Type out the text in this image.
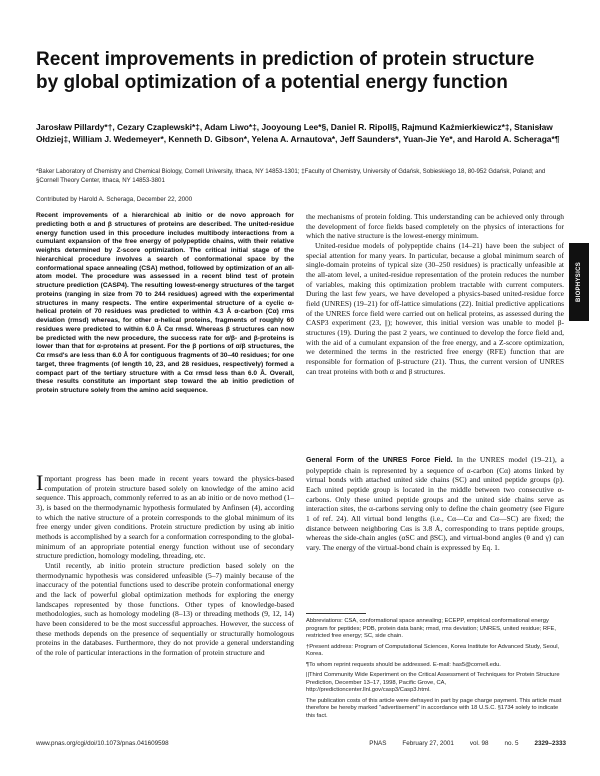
Recent improvements in prediction of protein structure by global optimization of a potential energy function
Jarosław Pillardy*†, Cezary Czaplewski*‡, Adam Liwo*‡, Jooyoung Lee*§, Daniel R. Ripoll§, Rajmund Kaźmierkiewicz*‡, Stanisław Ołdziej‡, William J. Wedemeyer*, Kenneth D. Gibson*, Yelena A. Arnautova*, Jeff Saunders*, Yuan-Jie Ye*, and Harold A. Scheraga*¶
*Baker Laboratory of Chemistry and Chemical Biology, Cornell University, Ithaca, NY 14853-1301; ‡Faculty of Chemistry, University of Gdańsk, Sobieskiego 18, 80-952 Gdańsk, Poland; and §Cornell Theory Center, Ithaca, NY 14853-3801
Contributed by Harold A. Scheraga, December 22, 2000

Recent improvements of a hierarchical ab initio or de novo approach for predicting both α and β structures of proteins are described. The united-residue energy function used in this procedure includes multibody interactions from a cumulant expansion of the free energy of polypeptide chains, with their relative weights determined by Z-score optimization. The critical initial stage of the hierarchical procedure involves a search of conformational space by the conformational space annealing (CSA) method, followed by optimization of an all-atom model. The procedure was assessed in a recent blind test of protein structure prediction (CASP4). The resulting lowest-energy structures of the target proteins (ranging in size from 70 to 244 residues) agreed with the experimental structures in many respects. The entire experimental structure of a cyclic α-helical protein of 70 residues was predicted to within 4.3 Å α-carbon (Cα) rms deviation (rmsd) whereas, for other α-helical proteins, fragments of roughly 60 residues were predicted to within 6.0 Å Cα rmsd. Whereas β structures can now be predicted with the new procedure, the success rate for α/β- and β-proteins is lower than that for α-proteins at present. For the β portions of α/β structures, the Cα rmsd's are less than 6.0 Å for contiguous fragments of 30–40 residues; for one target, three fragments (of length 10, 23, and 28 residues, respectively) formed a compact part of the tertiary structure with a Cα rmsd less than 6.0 Å. Overall, these results constitute an important step toward the ab initio prediction of protein structure solely from the amino acid sequence.

Important progress has been made in recent years toward the physics-based computation of protein structure based solely on knowledge of the amino acid sequence. This approach, commonly referred to as an ab initio or de novo method (1–3), is based on the thermodynamic hypothesis formulated by Anfinsen (4), according to which the native structure of a protein corresponds to the global minimum of its free energy under given conditions. Protein structure prediction by using ab initio methods is accomplished by a search for a conformation corresponding to the global-minimum of an appropriate potential energy function without use of secondary structure prediction, homology modeling, threading, etc.

Until recently, ab initio protein structure prediction based solely on the thermodynamic hypothesis was considered unfeasible (5–7) mainly because of the inaccuracy of the potential functions used to describe protein conformational energy and the lack of powerful global optimization methods for exploring the energy landscapes represented by those functions. Other types of knowledge-based methodologies, such as homology modeling (8–13) or threading methods (9, 12, 14) have been considered to be the most successful approaches. However, the success of these methods depends on the presence of sequentially or structurally homologous proteins in the databases. Furthermore, they do not provide a general understanding of the role of particular interactions in the formation of protein structure and

the mechanisms of protein folding. This understanding can be achieved only through the development of force fields based completely on the physics of interactions for which the native structure is the lowest-energy minimum.

United-residue models of polypeptide chains (14–21) have been the subject of special attention for many years. In particular, because a global minimum search of single-domain proteins of typical size (30–250 residues) is practically unfeasible at the all-atom level, a united-residue representation of the protein reduces the number of variables, making this optimization problem tractable with current computers. During the last few years, we have developed a physics-based united-residue force field (UNRES) (19–21) for off-lattice simulations (22). Initial predictive applications of the UNRES force field were carried out on helical proteins, as assessed during the CASP3 experiment (23, ||); however, this initial version was unable to model β-structures (19). During the past 2 years, we continued to develop the force field and, with the aid of a cumulant expansion of the free energy, and a Z-score optimization, we determined the terms in the restricted free energy (RFE) function that are responsible for formation of β-structure (21). Thus, the current version of UNRES can treat proteins with both α and β structures.

General Form of the UNRES Force Field. In the UNRES model (19–21), a polypeptide chain is represented by a sequence of α-carbon (Cα) atoms linked by virtual bonds with attached united side chains (SC) and united peptide groups (p). Each united peptide group is located in the middle between two consecutive α-carbons. Only these united peptide groups and the united side chains serve as interaction sites, the α-carbons serving only to define the chain geometry (see Figure 1 of ref. 24). All virtual bond lengths (i.e., Cα—Cα and Cα—SC) are fixed; the distance between neighboring Cαs is 3.8 Å, corresponding to trans peptide groups, whereas the side-chain angles (αSC and βSC), and virtual-bond angles (θ and γ) can vary. The energy of the virtual-bond chain is expressed by Eq. 1.

Abbreviations: CSA, conformational space annealing; ECEPP, empirical conformational energy program for peptides; PDB, protein data bank; rmsd, rms deviation; UNRES, united residue; RFE, restricted free energy; SC, side chain.

†Present address: Program of Computational Sciences, Korea Institute for Advanced Study, Seoul, Korea.

¶To whom reprint requests should be addressed. E-mail: has5@cornell.edu.

||Third Community Wide Experiment on the Critical Assessment of Techniques for Protein Structure Prediction, December 13–17, 1998, Pacific Grove, CA, http://predictioncenter.llnl.gov/casp3/Casp3.html.

The publication costs of this article were defrayed in part by page charge payment. This article must therefore be hereby marked "advertisement" in accordance with 18 U.S.C. §1734 solely to indicate this fact.

BIOPHYSICS
www.pnas.org/cgi/doi/10.1073/pnas.041609598	PNAS	February 27, 2001	vol. 98	no. 5	2329–2333
